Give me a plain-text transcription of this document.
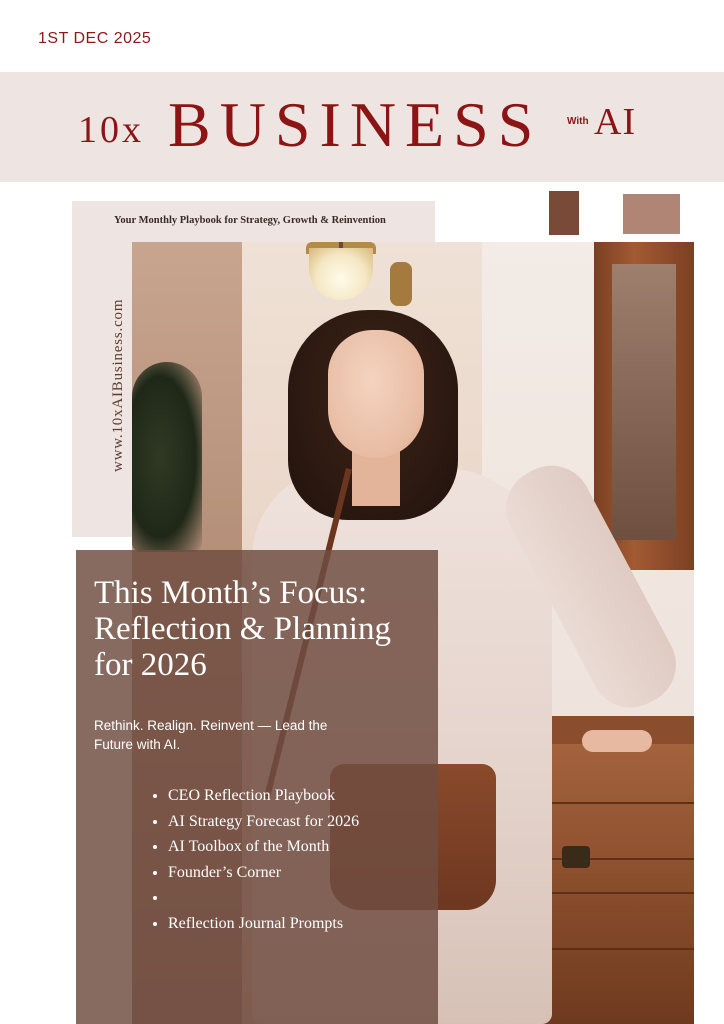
1ST DEC 2025
10x BUSINESS With AI
Your Monthly Playbook for Strategy, Growth & Reinvention
www.10xAIBusiness.com
This Month’s Focus: Reflection & Planning for 2026
Rethink. Realign. Reinvent — Lead the Future with AI.
• CEO Reflection Playbook
• AI Strategy Forecast for 2026
• AI Toolbox of the Month
• Founder’s Corner
•
• Reflection Journal Prompts
